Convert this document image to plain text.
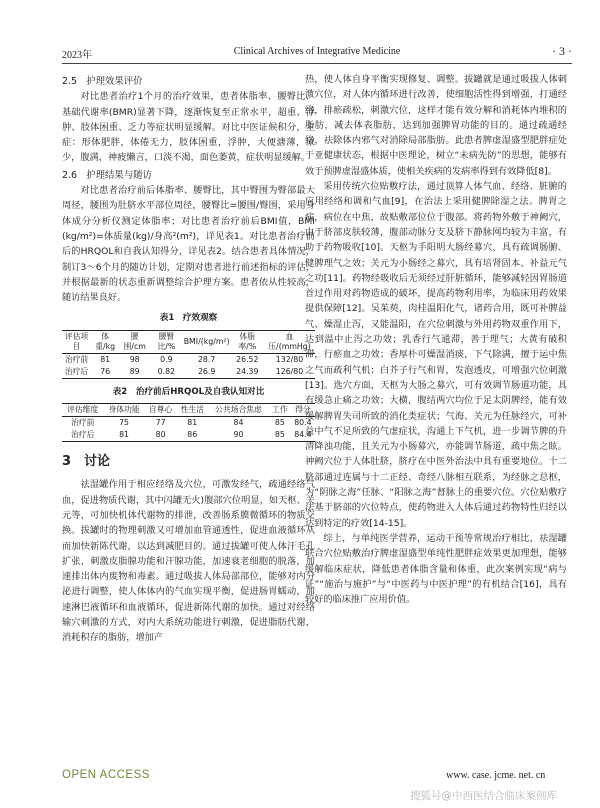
2023年	Clinical Archives of Integrative Medicine	· 3 ·
2.5　护理效果评价

对比患者治疗1个月的治疗效果，患者体脂率、腰臀比、基础代谢率(BMR)显著下降，逐渐恢复至正常水平，超重、浮肿、肢体困重、乏力等症状明显缓解。对比中医证候积分，主症：形体肥胖，体倦无力，肢体困重，浮肿，大便溏薄，尿少，腹满，神疲懒言，口淡不渴，面色萎黄，症状明显缓解。

2.6　护理结果与随访

对比患者治疗前后体脂率、腰臀比，其中臀围为臀部最大周径，腰围为肚脐水平部位周径，腰臀比=腰围/臀围，采用身体成分分析仪测定体脂率；对比患者治疗前后BMI值，BMI (kg/m²)=体质量(kg)/身高²(m²)，详见表1。对比患者治疗前后的HRQOL和自我认知得分，详见表2。结合患者具体情况，制订3～6个月的随访计划，定期对患者进行前述指标的评估，并根据最新的状态重新调整综合护理方案。患者依从性较高，随访结果良好。

表1　疗效观察
评估项目	体重/kg	腰围/cm	腰臀比/%	BMI/(kg/m²)	体脂率/%	血压/(mmHg)
治疗前	81	98	0.9	28.7	26.52	132/80
治疗后	76	89	0.82	26.9	24.39	126/80
表2　治疗前后HRQOL及自我认知对比
评估维度	身体功能	自尊心	性生活	公共场合焦虑	工作	得分
治疗前	75	77	81	84	85	80.4
治疗后	81	80	86	90	85	84.4
3　讨论

祛湿罐作用于相应经络及穴位，可激发经气，疏通经络气血，促进物质代谢，其中闪罐无火)腹部穴位明显，如天枢、关元等，可加快机体代谢物的排泄，改善肠系膜微循环的物质交换。拔罐时的物理刺激又可增加血管通透性，促进血液循环从而加快新陈代谢，以达到减肥目的。通过拔罐可使人体汗毛孔扩张，刺激皮脂腺功能和汗腺功能，加速衰老细胞的脱落，加速排出体内废物和毒素。通过吸拔人体局部部位，能够对内分泌进行调整，使人体体内的气血实现平衡，促进肠胃蠕动，加速淋巴液循环和血液循环，促进新陈代谢的加快。通过对经络输穴刺激的方式，对内大系统功能进行刺激，促进脂肪代谢，消耗积存的脂肪，增加产

热，使人体自身平衡实现修复、调整。拔罐就是通过吸拔人体刺激穴位，对人体内循环进行改善，使细胞活性得到增强，打通经络，排瘀疏松，刺激穴位，这样才能有效分解和消耗体内堆积的脂肪，减去体表脂肪，达到加强脾胃功能的目的。通过疏通经络，祛除体内邪气对消除局部脂肪。此患者脾虚湿盛型肥胖症处于亚健康状态，根据中医理论，树立“未病先防”的思想，能够有效于预脾虚湿盛体质，使相关疾病的发病率得到有效降低[8]。

采用传统穴位贴敷疗法，通过顶算人体气血、经络、脏腑的应用经络和调和气血[9]，在治法上采用健脾除湿之法。脾胃之病，病位在中焦，故贴敷部位位于腹部。将药物外敷于神阙穴，由于脐部皮肤较薄，腹部动脉分支及脐下静脉网均较为丰富，有助于药物吸收[10]。天枢为手阳明大肠经募穴，具有疏调肠腑、健脾理气之效；关元为小肠经之募穴，具有培肾固本、补益元气之功[11]。药物经吸收后无须经过肝脏循环，能够减轻因胃肠道首过作用对药物造成的破坏，提高药物利用率，为临床用药效果提供保障[12]。吴茱萸，肉桂温阳化气，诸药合用，既可补脾益气、燥湿止泻，又能温阳，在穴位刺激与外用药物双重作用下，达到温中止泻之功效；乳香行气通滞，善于理气；大黄有破积滞，行瘀血之功效；香厚朴可燥湿消痰，下气除满，擅于运中焦之气而疏利气机；白芥子行气和胃，发泡透皮，可增强穴位刺激[13]。选穴方面，天枢为大肠之募穴，可有效调节肠道功能，具有缓急止痛之功效；大横，腹结两穴均位于足太阴脾经，能有效缓解脾胃失司所致的消化类症状；气海、关元为任脉经穴，可补益中气不足所致的气虚症状，沟通上下气机，进一步调节脾的升清降浊功能，且关元为小肠募穴，亦能调节肠道，疏中焦之眩。神阙穴位于人体肚脐，脐疗在中医外治法中具有重要地位。十二脐部通过连属与十二正经、奇经八脉相互联系，为经脉之总枢，为“阴脉之海”任脉、“阳脉之海”督脉上的重要穴位。穴位贴敷疗法基于脐部的穴位特点，使药物进入人体后通过药物特性归经以达到特定的疗效[14-15]。

综上，与单纯医学营养，运动干预等常规治疗相比，祛湿罐联合穴位贴敷治疗脾虚湿盛型单纯性肥胖症效果更加理想，能够缓解临床症状，降低患者体脂含量和体重，此次案例实现“病与证”“施治与施护”与“中医药与中医护理”的有机结合[16]，具有较好的临床推广应用价值。

OPEN ACCESS	www. case. jcme. net. cn
搜狐号@中西医结合临床案例库
